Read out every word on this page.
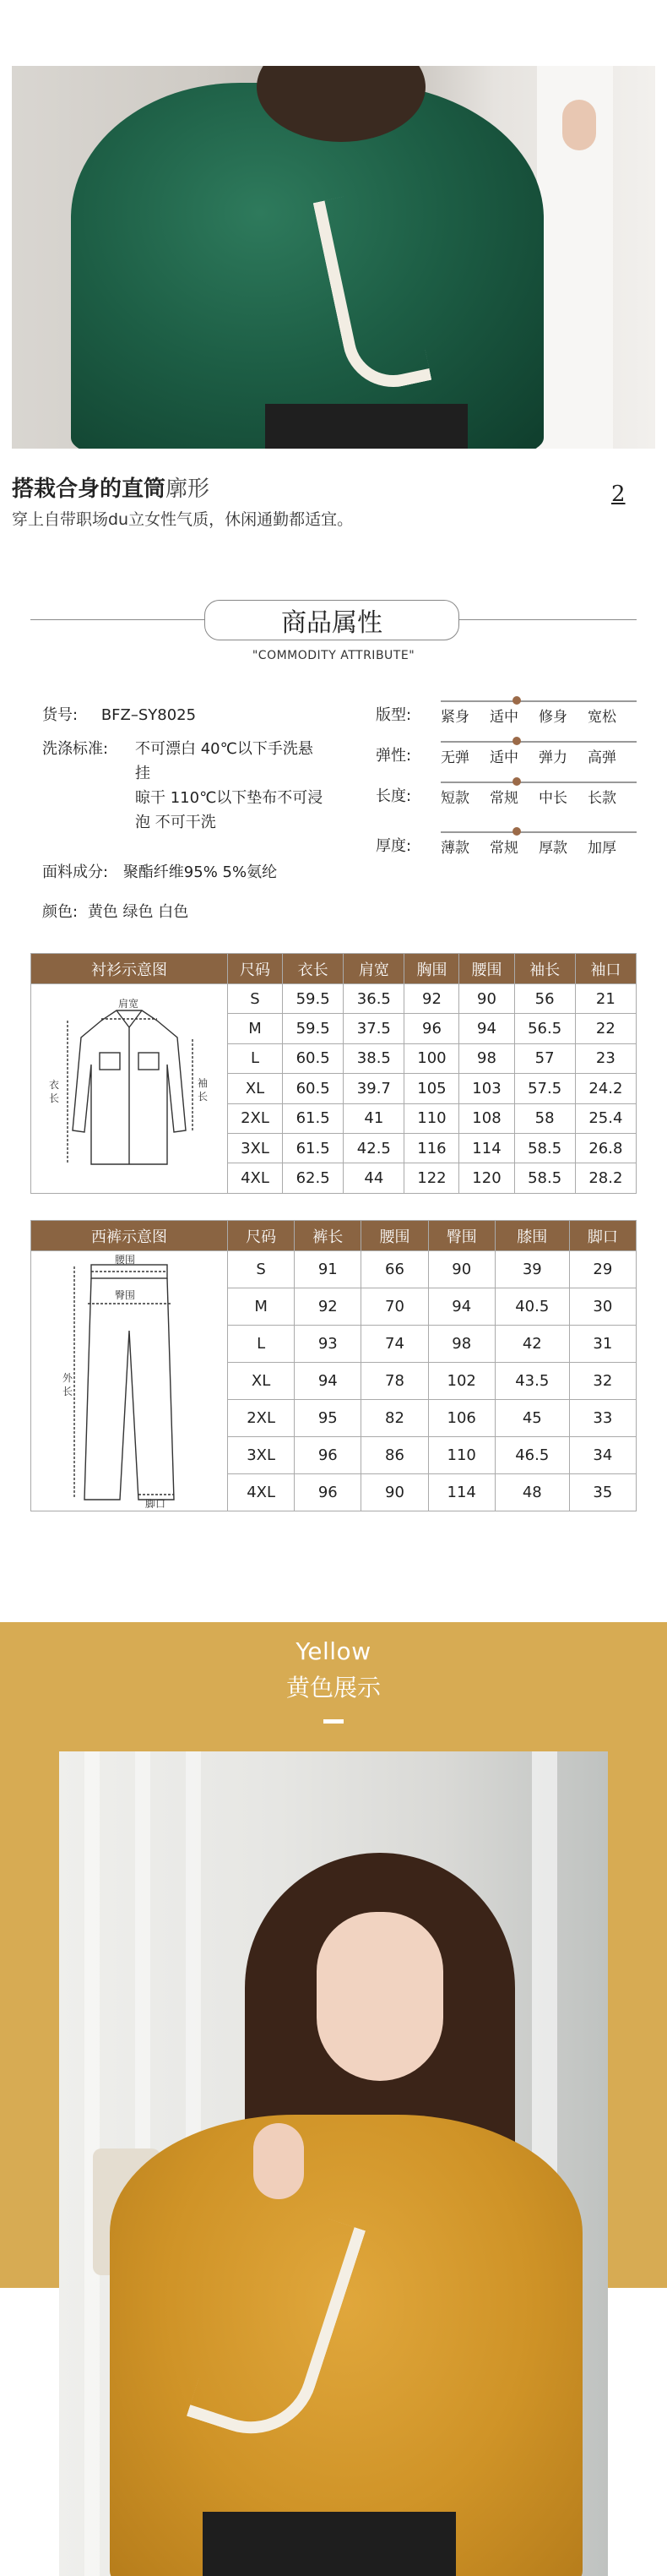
搭栽合身的直筒廓形
穿上自带职场du立女性气质，休闲通勤都适宜。
2
商品属性
"COMMODITY ATTRIBUTE"
货号: BFZ–SY8025
洗涤标准: 不可漂白 40℃以下手洗悬
挂
晾干 110℃以下垫布不可浸
泡 不可干洗
面料成分: 聚酯纤维95% 5%氨纶
颜色: 黄色 绿色 白色
版型:	紧身 适中 修身 宽松
弹性:	无弹 适中 弹力 高弹
长度:	短款 常规 中长 长款
厚度:	薄款 常规 厚款 加厚
衬衫示意图	尺码	衣长	肩宽	胸围	腰围	袖长	袖口

肩宽
衣
长
袖
长	S	59.5	36.5	92	90	56	21
	M	59.5	37.5	96	94	56.5	22
	L	60.5	38.5	100	98	57	23
	XL	60.5	39.7	105	103	57.5	24.2
	2XL	61.5	41	110	108	58	25.4
	3XL	61.5	42.5	116	114	58.5	26.8
	4XL	62.5	44	122	120	58.5	28.2
西裤示意图	尺码	裤长	腰围	臀围	膝围	脚口

腰围
臀围
外
长
脚口	S	91	66	90	39	29
	M	92	70	94	40.5	30
	L	93	74	98	42	31
	XL	94	78	102	43.5	32
	2XL	95	82	106	45	33
	3XL	96	86	110	46.5	34
	4XL	96	90	114	48	35
Yellow
黄色展示
